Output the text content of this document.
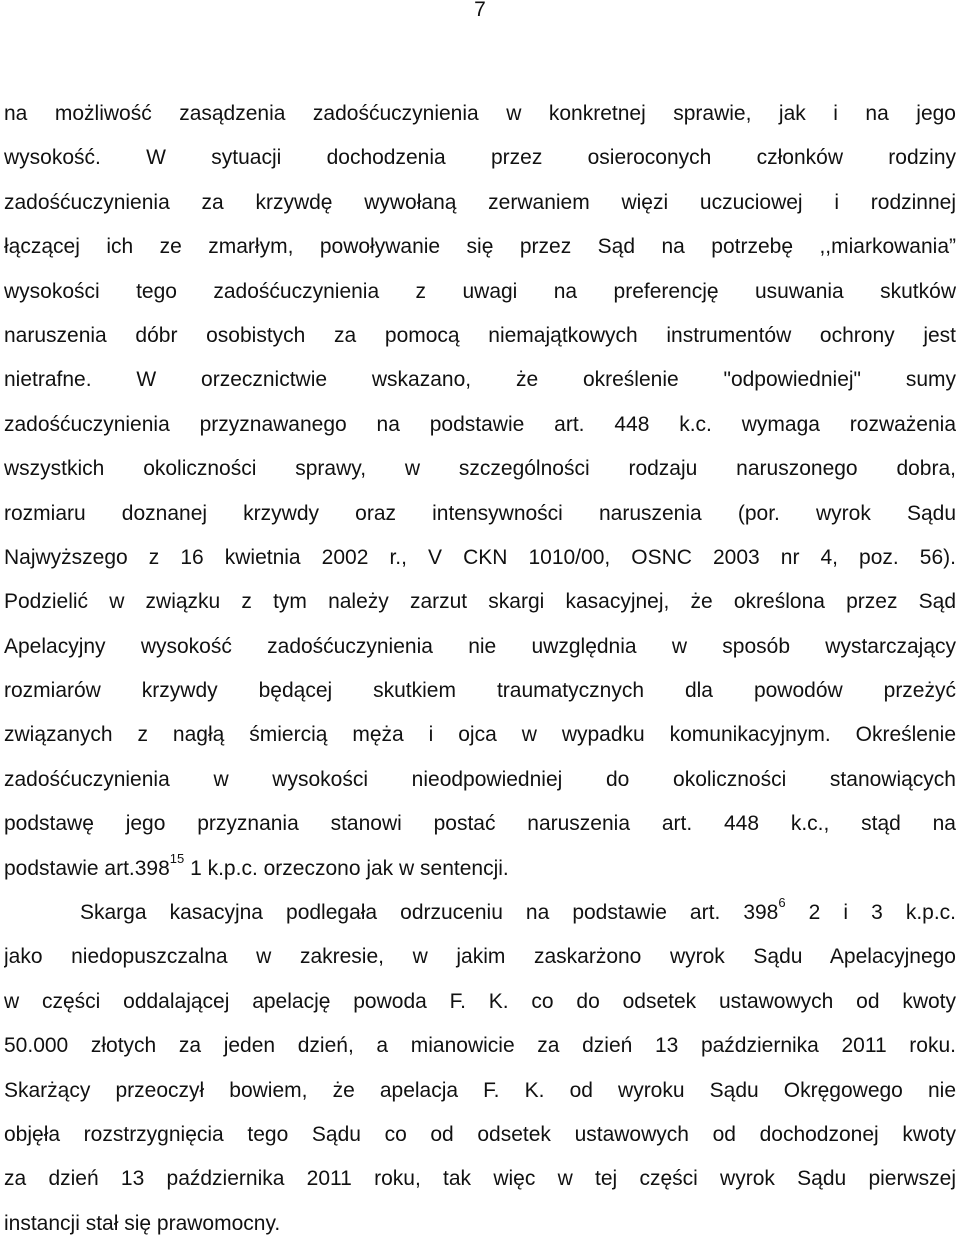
7
na możliwość zasądzenia zadośćuczynienia w konkretnej sprawie, jak i na jego
wysokość. W sytuacji dochodzenia przez osieroconych członków rodziny
zadośćuczynienia za krzywdę wywołaną zerwaniem więzi uczuciowej i rodzinnej
łączącej ich ze zmarłym, powoływanie się przez Sąd na potrzebę ,,miarkowania”
wysokości tego zadośćuczynienia z uwagi na preferencję usuwania skutków
naruszenia dóbr osobistych za pomocą niemajątkowych instrumentów ochrony jest
nietrafne. W orzecznictwie wskazano, że określenie "odpowiedniej" sumy
zadośćuczynienia przyznawanego na podstawie art. 448 k.c. wymaga rozważenia
wszystkich okoliczności sprawy, w szczególności rodzaju naruszonego dobra,
rozmiaru doznanej krzywdy oraz intensywności naruszenia (por. wyrok Sądu
Najwyższego z 16 kwietnia 2002 r., V CKN 1010/00, OSNC 2003 nr 4, poz. 56).
Podzielić w związku z tym należy zarzut skargi kasacyjnej, że określona przez Sąd
Apelacyjny wysokość zadośćuczynienia nie uwzględnia w sposób wystarczający
rozmiarów krzywdy będącej skutkiem traumatycznych dla powodów przeżyć
związanych z nagłą śmiercią męża i ojca w wypadku komunikacyjnym. Określenie
zadośćuczynienia w wysokości nieodpowiedniej do okoliczności stanowiących
podstawę jego przyznania stanowi postać naruszenia art. 448 k.c., stąd na
podstawie art.398$^{15}$ 1 k.p.c. orzeczono jak w sentencji.
Skarga kasacyjna podlegała odrzuceniu na podstawie art. $398^6$ 2 i 3 k.p.c.
jako niedopuszczalna w zakresie, w jakim zaskarżono wyrok Sądu Apelacyjnego
w części oddalającej apelację powoda F. K. co do odsetek ustawowych od kwoty
50.000 złotych za jeden dzień, a mianowicie za dzień 13 października 2011 roku.
Skarżący przeoczył bowiem, że apelacja F. K. od wyroku Sądu Okręgowego nie
objęła rozstrzygnięcia tego Sądu co od odsetek ustawowych od dochodzonej kwoty
za dzień 13 października 2011 roku, tak więc w tej części wyrok Sądu pierwszej
instancji stał się prawomocny.
